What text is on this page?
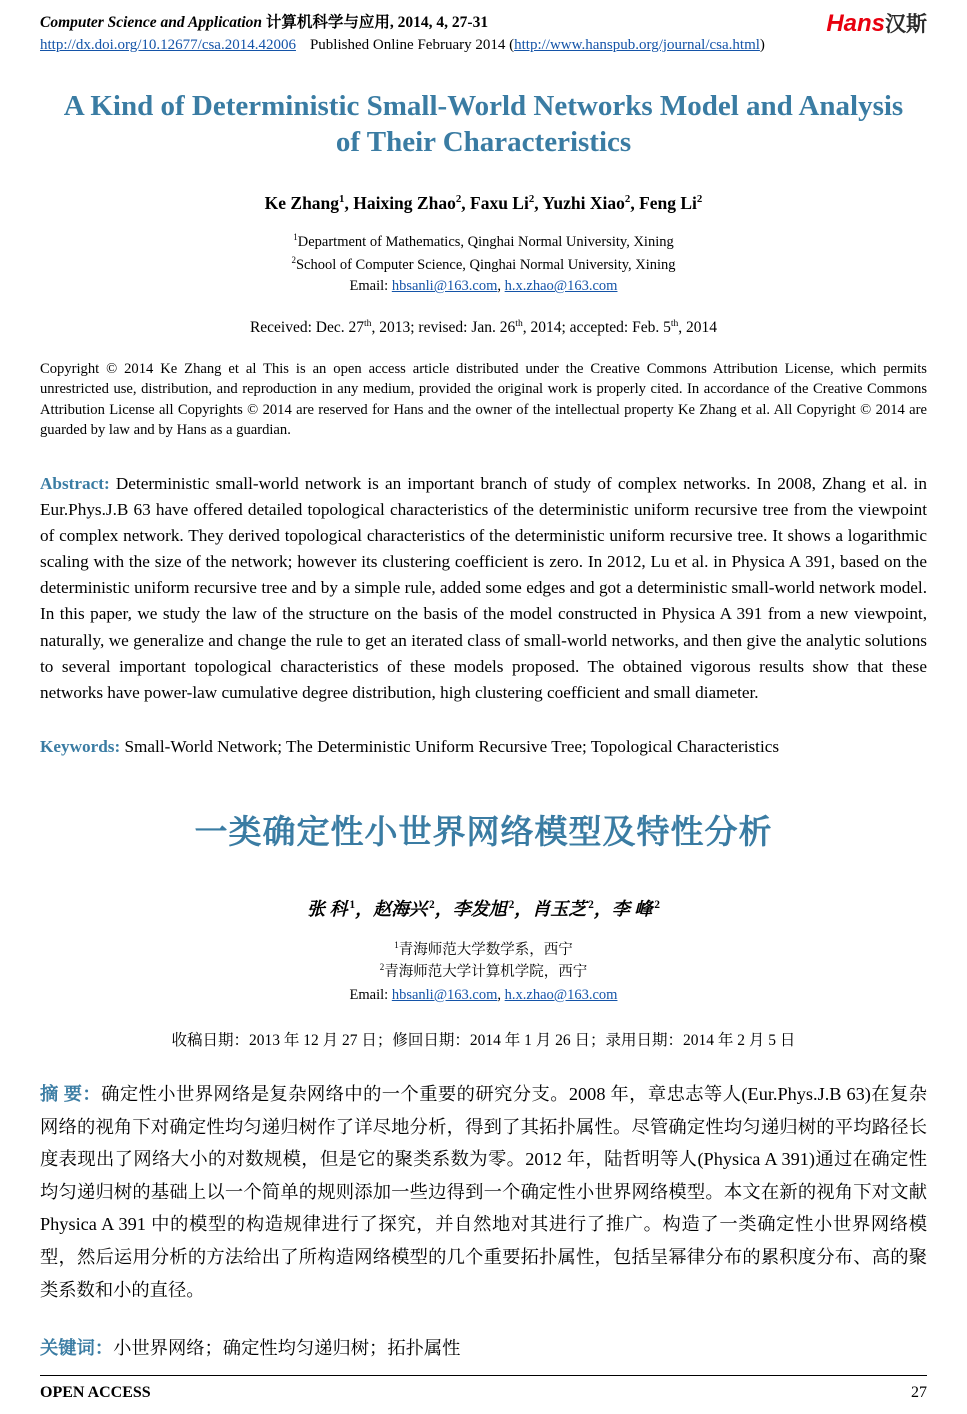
Computer Science and Application 计算机科学与应用, 2014, 4, 27-31
http://dx.doi.org/10.12677/csa.2014.42006 Published Online February 2014 (http://www.hanspub.org/journal/csa.html)
Hans汉斯
A Kind of Deterministic Small-World Networks Model and Analysis of Their Characteristics

Ke Zhang$^1$, Haixing Zhao$^2$, Faxu Li$^2$, Yuzhi Xiao$^2$, Feng Li$^2$

$^1$Department of Mathematics, Qinghai Normal University, Xining
$^2$School of Computer Science, Qinghai Normal University, Xining
Email: hbsanli@163.com, h.x.zhao@163.com

Received: Dec. 27th, 2013; revised: Jan. 26th, 2014; accepted: Feb. 5th, 2014

Copyright © 2014 Ke Zhang et al This is an open access article distributed under the Creative Commons Attribution License, which permits unrestricted use, distribution, and reproduction in any medium, provided the original work is properly cited. In accordance of the Creative Commons Attribution License all Copyrights © 2014 are reserved for Hans and the owner of the intellectual property Ke Zhang et al. All Copyright © 2014 are guarded by law and by Hans as a guardian.

Abstract: Deterministic small-world network is an important branch of study of complex networks. In 2008, Zhang et al. in Eur.Phys.J.B 63 have offered detailed topological characteristics of the deterministic uniform recursive tree from the viewpoint of complex network. They derived topological characteristics of the deterministic uniform recursive tree. It shows a logarithmic scaling with the size of the network; however its clustering coefficient is zero. In 2012, Lu et al. in Physica A 391, based on the deterministic uniform recursive tree and by a simple rule, added some edges and got a deterministic small-world network model. In this paper, we study the law of the structure on the basis of the model constructed in Physica A 391 from a new viewpoint, naturally, we generalize and change the rule to get an iterated class of small-world networks, and then give the analytic solutions to several important topological characteristics of these models proposed. The obtained vigorous results show that these networks have power-law cumulative degree distribution, high clustering coefficient and small diameter.

Keywords: Small-World Network; The Deterministic Uniform Recursive Tree; Topological Characteristics

一类确定性小世界网络模型及特性分析

张 科 $^1$，赵海兴 $^2$，李发旭 $^2$，肖玉芝 $^2$，李 峰 $^2$

$^1$青海师范大学数学系，西宁
$^2$青海师范大学计算机学院，西宁
Email: hbsanli@163.com, h.x.zhao@163.com

收稿日期：2013 年 12 月 27 日；修回日期：2014 年 1 月 26 日；录用日期：2014 年 2 月 5 日

摘 要：确定性小世界网络是复杂网络中的一个重要的研究分支。2008 年，章忠志等人(Eur.Phys.J.B 63)在复杂网络的视角下对确定性均匀递归树作了详尽地分析，得到了其拓扑属性。尽管确定性均匀递归树的平均路径长度表现出了网络大小的对数规模，但是它的聚类系数为零。2012 年，陆哲明等人(Physica A 391)通过在确定性均匀递归树的基础上以一个简单的规则添加一些边得到一个确定性小世界网络模型。本文在新的视角下对文献 Physica A 391 中的模型的构造规律进行了探究，并自然地对其进行了推广。构造了一类确定性小世界网络模型，然后运用分析的方法给出了所构造网络模型的几个重要拓扑属性，包括呈幂律分布的累积度分布、高的聚类系数和小的直径。

关键词：小世界网络；确定性均匀递归树；拓扑属性

OPEN ACCESS	27
